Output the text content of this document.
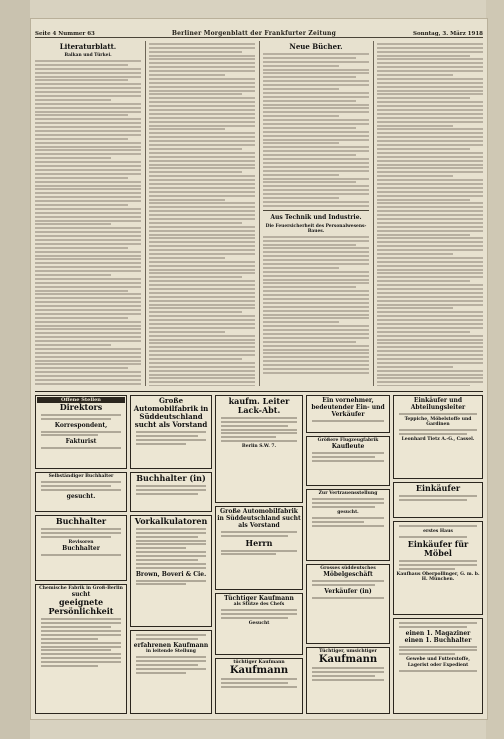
Seite 4 Nummer 63	Berliner Morgenblatt der Frankfurter Zeitung	Sonntag, 3. März 1918
Literaturblatt.
Balkan und Türkei.
Neue Bücher.
Aus Technik und Industrie.
Die Feuersicherheit des Personalwesens-Baues.
Offene Stellen
Direktors
Korrespondent,
Fakturist
Selbständiger Buchhalter
gesucht.
Buchhalter
Revisoren
Buchhalter
Chemische Fabrik in Groß-Berlin
sucht
geeignete Persönlichkeit
Große Automobilfabrik in Süddeutschland sucht als Vorstand
Buchhalter (in)
Vorkalkulatoren
Brown, Boveri & Cie.
erfahrenen Kaufmann
in leitende Stellung
kaufm. Leiter
Lack-Abt.
Berlin S.W. 7.
Große Automobilfabrik in Süddeutschland sucht als Vorstand
Herrn
Tüchtiger Kaufmann
als Stütze des Chefs
Gesucht
tüchtiger Kaufmann
Kaufmann
Ein vornehmer, bedeutender Ein- und Verkäufer
Größere Flugzeugfabrik
Kaufleute
Zur Vertrauensstellung
gesucht.
Grosses süddeutsches
Möbelgeschäft
Verkäufer (in)
Tüchtiger, umsichtiger
Kaufmann
Einkäufer und Abteilungsleiter
Teppiche, Möbelstoffe und Gardinen
Leonhard Tietz A.-G., Cassel.
Einkäufer
erstes Haus
Einkäufer für Möbel
Kaufhaus Oberpollinger, G. m. b. H. München.
einen 1. Magaziner
einen 1. Buchhalter
Gewebe und Futterstoffe, Lagerist oder Expedient
